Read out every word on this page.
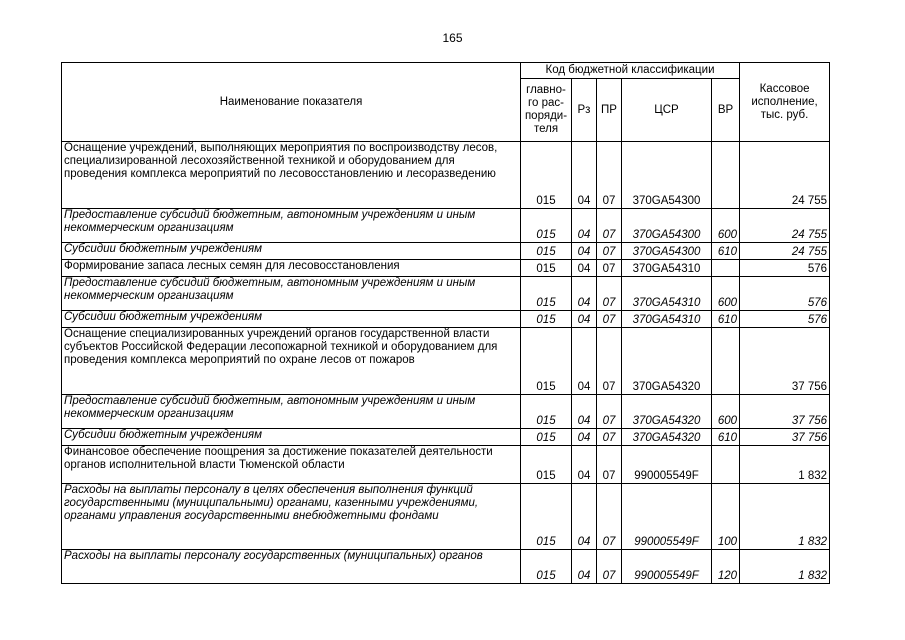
165
Наименование показателя	Код бюджетной классификации					Кассовое
исполнение,
тыс. руб.
	главно-
го рас-
поряди-
теля	Рз	ПР	ЦСР	ВР	
Оснащение учреждений, выполняющих мероприятия по воспроизводству лесов, специализированной лесохозяйственной техникой и оборудованием для проведения комплекса мероприятий по лесовосстановлению и лесоразведению	015	04	07	370GA54300		24 755
Предоставление субсидий бюджетным, автономным учреждениям и иным некоммерческим организациям	015	04	07	370GA54300	600	24 755
Субсидии бюджетным учреждениям	015	04	07	370GA54300	610	24 755
Формирование запаса лесных семян для лесовосстановления	015	04	07	370GA54310		576
Предоставление субсидий бюджетным, автономным учреждениям и иным некоммерческим организациям	015	04	07	370GA54310	600	576
Субсидии бюджетным учреждениям	015	04	07	370GA54310	610	576
Оснащение специализированных учреждений органов государственной власти субъектов Российской Федерации лесопожарной техникой и оборудованием для проведения комплекса мероприятий по охране лесов от пожаров	015	04	07	370GA54320		37 756
Предоставление субсидий бюджетным, автономным учреждениям и иным некоммерческим организациям	015	04	07	370GA54320	600	37 756
Субсидии бюджетным учреждениям	015	04	07	370GA54320	610	37 756
Финансовое обеспечение поощрения за достижение показателей деятельности органов исполнительной власти Тюменской области	015	04	07	990005549F		1 832
Расходы на выплаты персоналу в целях обеспечения выполнения функций государственными (муниципальными) органами, казенными учреждениями, органами управления государственными внебюджетными фондами	015	04	07	990005549F	100	1 832
Расходы на выплаты персоналу государственных (муниципальных) органов	015	04	07	990005549F	120	1 832
